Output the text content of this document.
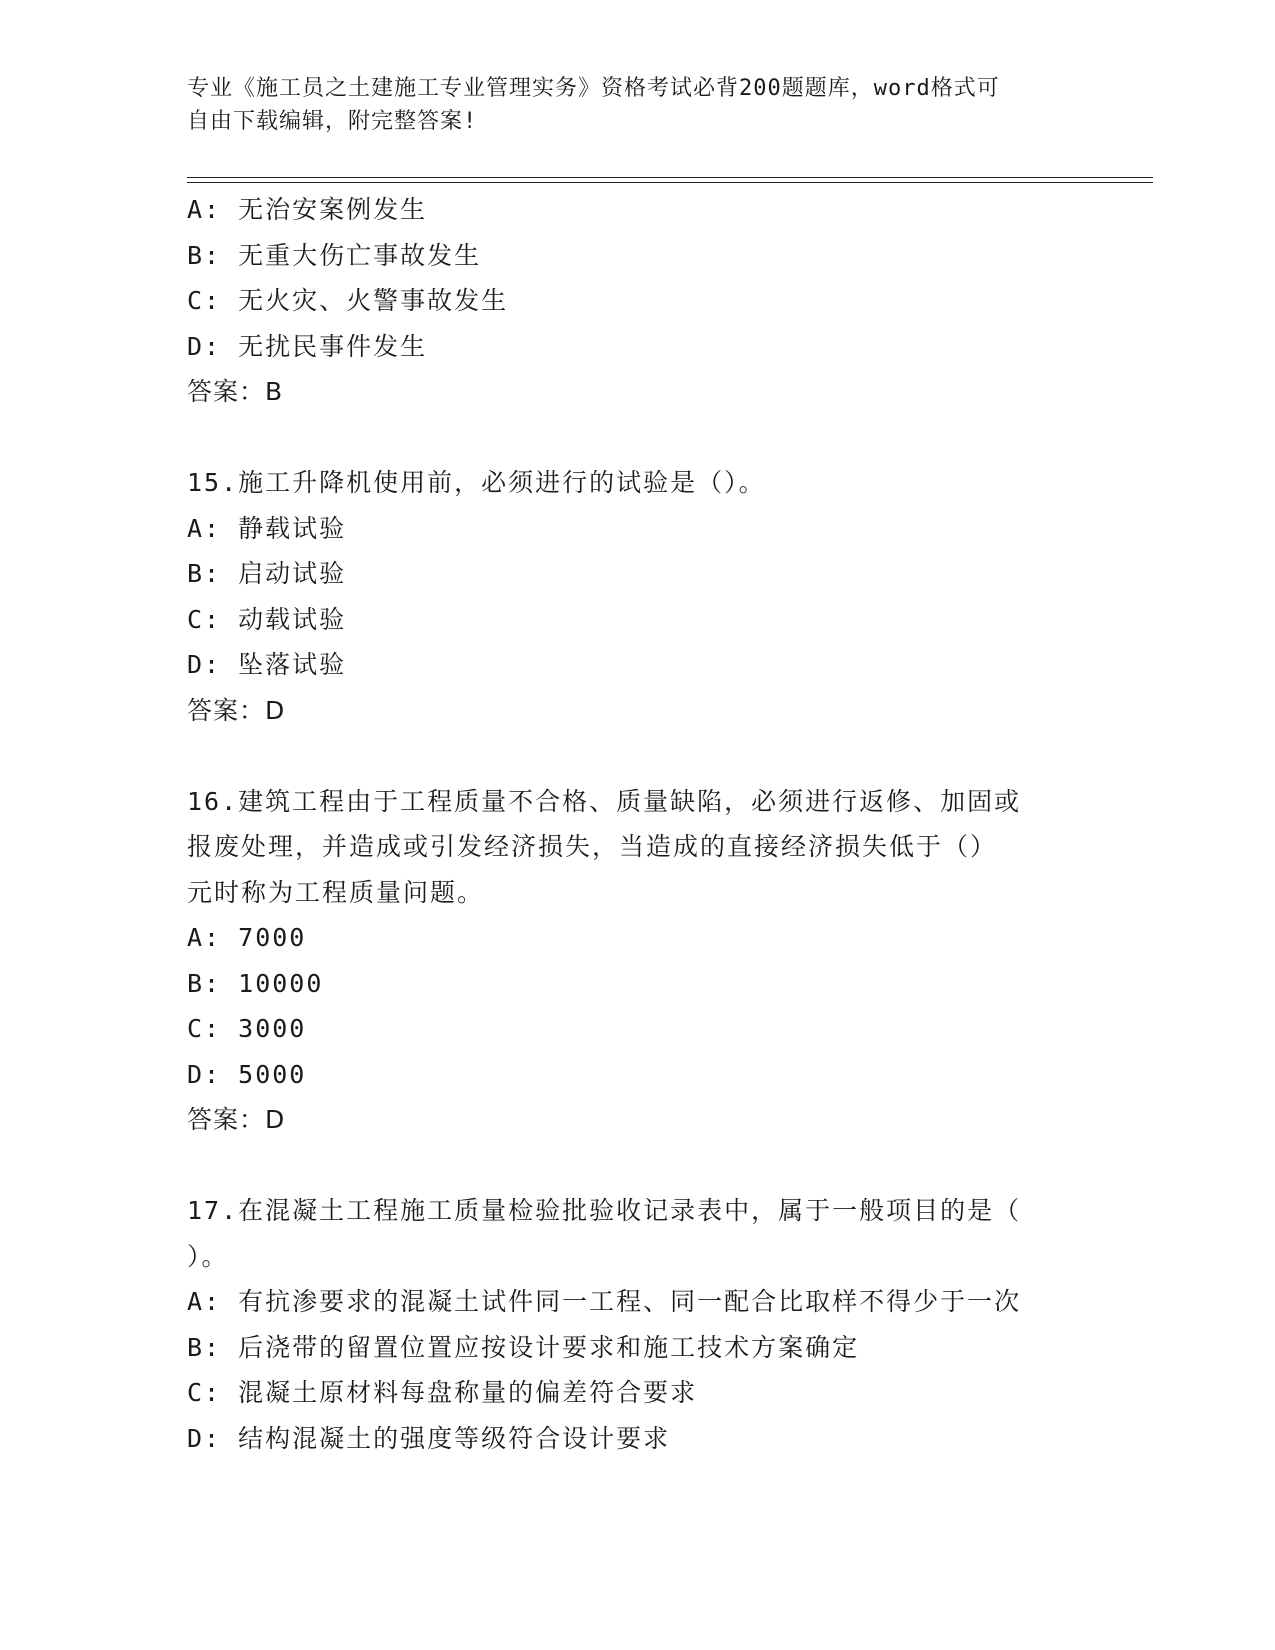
专业《施工员之土建施工专业管理实务》资格考试必背200题题库，word格式可
自由下载编辑，附完整答案!
A: 无治安案例发生
B: 无重大伤亡事故发生
C: 无火灾、火警事故发生
D: 无扰民事件发生
答案：B
15.施工升降机使用前，必须进行的试验是（）。
A: 静载试验
B: 启动试验
C: 动载试验
D: 坠落试验
答案：D
16.建筑工程由于工程质量不合格、质量缺陷，必须进行返修、加固或
报废处理，并造成或引发经济损失，当造成的直接经济损失低于（）
元时称为工程质量问题。
A: 7000
B: 10000
C: 3000
D: 5000
答案：D
17.在混凝土工程施工质量检验批验收记录表中，属于一般项目的是（
）。
A: 有抗渗要求的混凝土试件同一工程、同一配合比取样不得少于一次
B: 后浇带的留置位置应按设计要求和施工技术方案确定
C: 混凝土原材料每盘称量的偏差符合要求
D: 结构混凝土的强度等级符合设计要求
